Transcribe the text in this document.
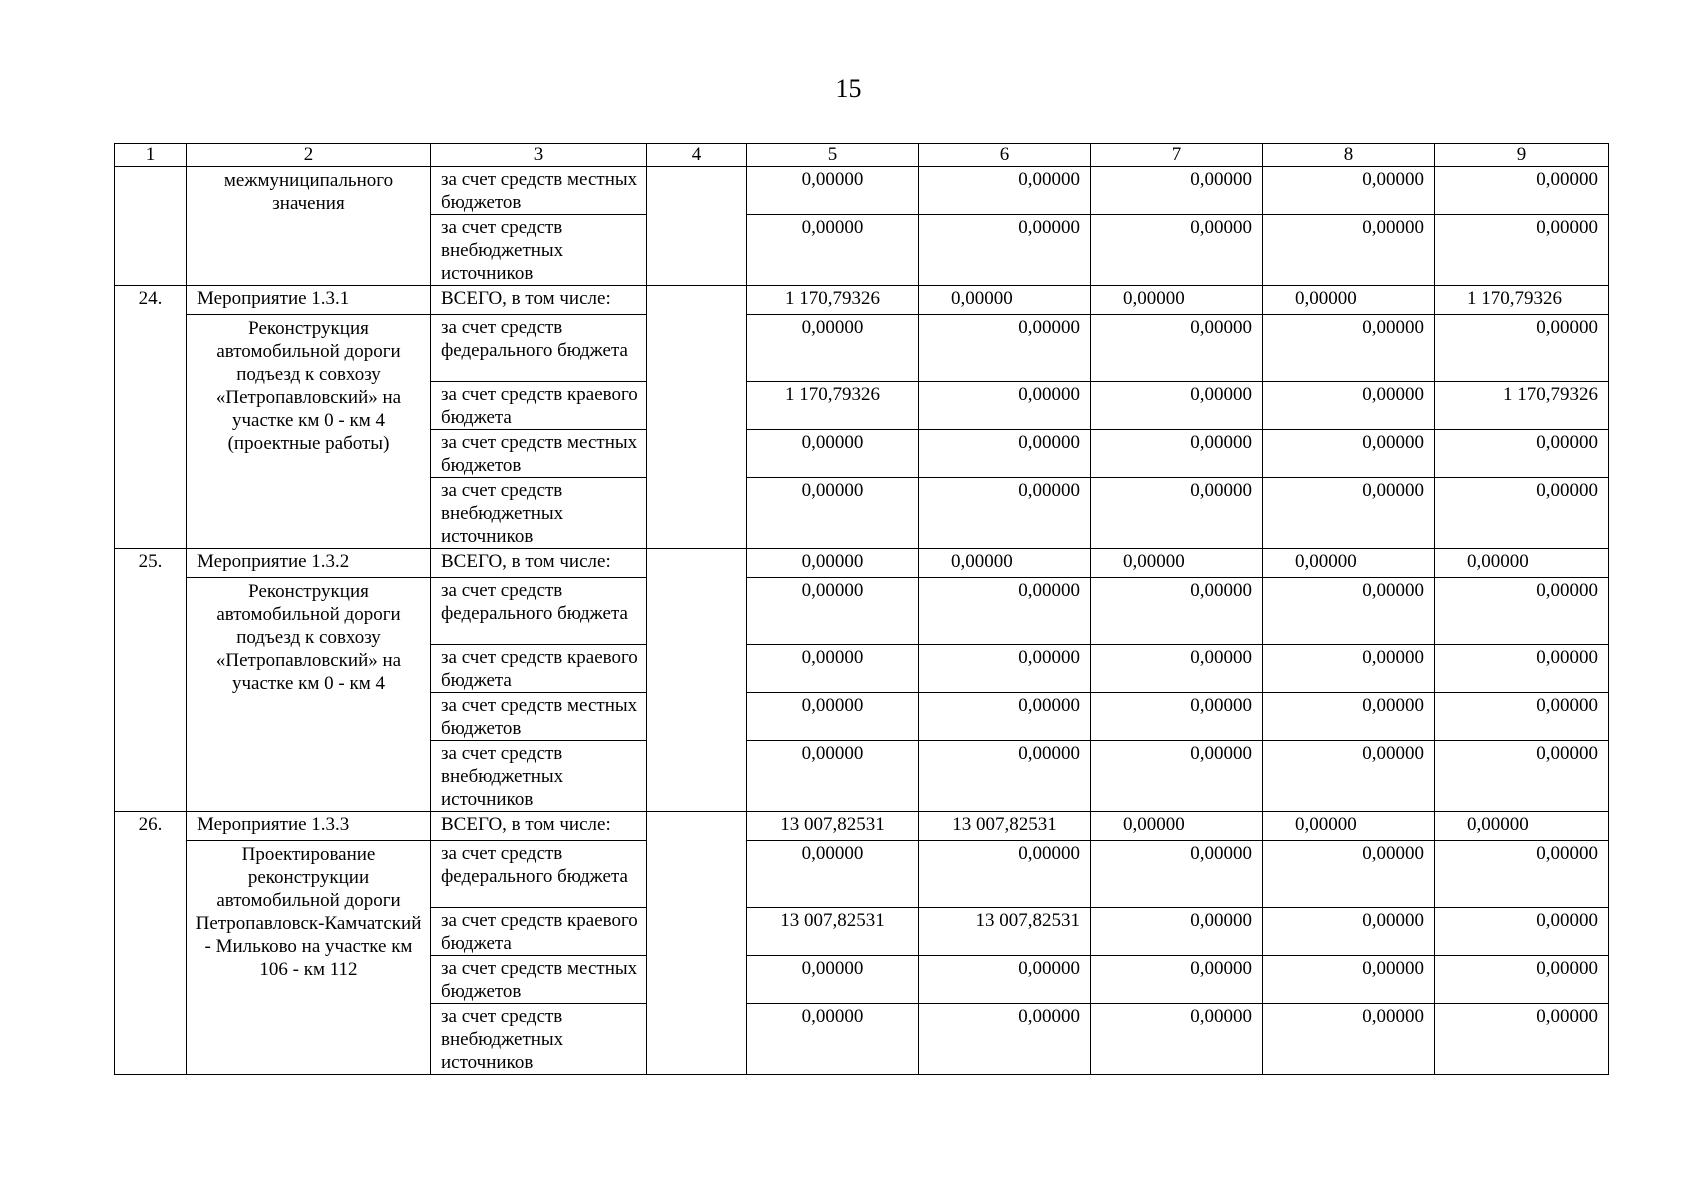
15
1	2	3	4	5	6	7	8	9
	межмуниципального значения	за счет средств местных бюджетов		0,00000	0,00000	0,00000	0,00000	0,00000
		за счет средств внебюджетных источников		0,00000	0,00000	0,00000	0,00000	0,00000
24.	Мероприятие 1.3.1	ВСЕГО, в том числе:		1 170,79326	0,00000	0,00000	0,00000	1 170,79326
	Реконструкция автомобильной дороги подъезд к совхозу «Петропавловский» на участке км 0 - км 4 (проектные работы)	за счет средств федерального бюджета		0,00000	0,00000	0,00000	0,00000	0,00000
		за счет средств краевого бюджета		1 170,79326	0,00000	0,00000	0,00000	1 170,79326
		за счет средств местных бюджетов		0,00000	0,00000	0,00000	0,00000	0,00000
		за счет средств внебюджетных источников		0,00000	0,00000	0,00000	0,00000	0,00000
25.	Мероприятие 1.3.2	ВСЕГО, в том числе:		0,00000	0,00000	0,00000	0,00000	0,00000
	Реконструкция автомобильной дороги подъезд к совхозу «Петропавловский» на участке км 0 - км 4	за счет средств федерального бюджета		0,00000	0,00000	0,00000	0,00000	0,00000
		за счет средств краевого бюджета		0,00000	0,00000	0,00000	0,00000	0,00000
		за счет средств местных бюджетов		0,00000	0,00000	0,00000	0,00000	0,00000
		за счет средств внебюджетных источников		0,00000	0,00000	0,00000	0,00000	0,00000
26.	Мероприятие 1.3.3	ВСЕГО, в том числе:		13 007,82531	13 007,82531	0,00000	0,00000	0,00000
	Проектирование реконструкции автомобильной дороги Петропавловск-Камчатский - Мильково на участке км 106 - км 112	за счет средств федерального бюджета		0,00000	0,00000	0,00000	0,00000	0,00000
		за счет средств краевого бюджета		13 007,82531	13 007,82531	0,00000	0,00000	0,00000
		за счет средств местных бюджетов		0,00000	0,00000	0,00000	0,00000	0,00000
		за счет средств внебюджетных источников		0,00000	0,00000	0,00000	0,00000	0,00000
